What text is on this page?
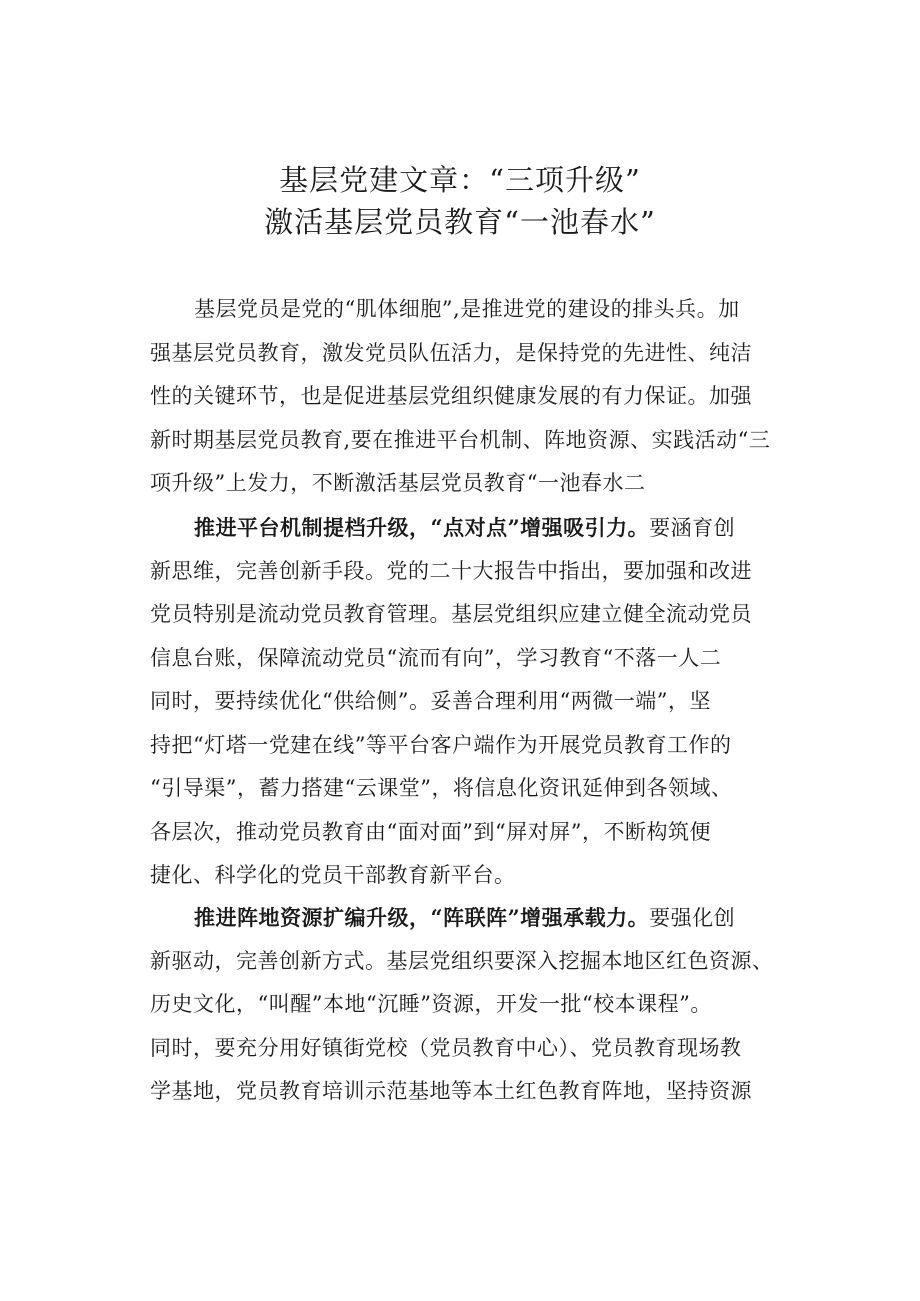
基层党建文章：“三项升级”
激活基层党员教育“一池春水”
基层党员是党的“肌体细胞”,是推进党的建设的排头兵。加
强基层党员教育，激发党员队伍活力，是保持党的先进性、纯洁
性的关键环节，也是促进基层党组织健康发展的有力保证。加强
新时期基层党员教育,要在推进平台机制、阵地资源、实践活动“三
项升级”上发力，不断激活基层党员教育“一池春水二
推进平台机制提档升级，“点对点”增强吸引力。要涵育创
新思维，完善创新手段。党的二十大报告中指出，要加强和改进
党员特别是流动党员教育管理。基层党组织应建立健全流动党员
信息台账，保障流动党员“流而有向”，学习教育“不落一人二
同时，要持续优化“供给侧”。妥善合理利用“两微一端”，坚
持把“灯塔一党建在线”等平台客户端作为开展党员教育工作的
“引导渠”，蓄力搭建“云课堂”，将信息化资讯延伸到各领域、
各层次，推动党员教育由“面对面”到“屏对屏”，不断构筑便
捷化、科学化的党员干部教育新平台。
推进阵地资源扩编升级，“阵联阵”增强承载力。要强化创
新驱动，完善创新方式。基层党组织要深入挖掘本地区红色资源、
历史文化，“叫醒”本地“沉睡”资源，开发一批“校本课程”。
同时，要充分用好镇街党校（党员教育中心）、党员教育现场教
学基地，党员教育培训示范基地等本土红色教育阵地，坚持资源
